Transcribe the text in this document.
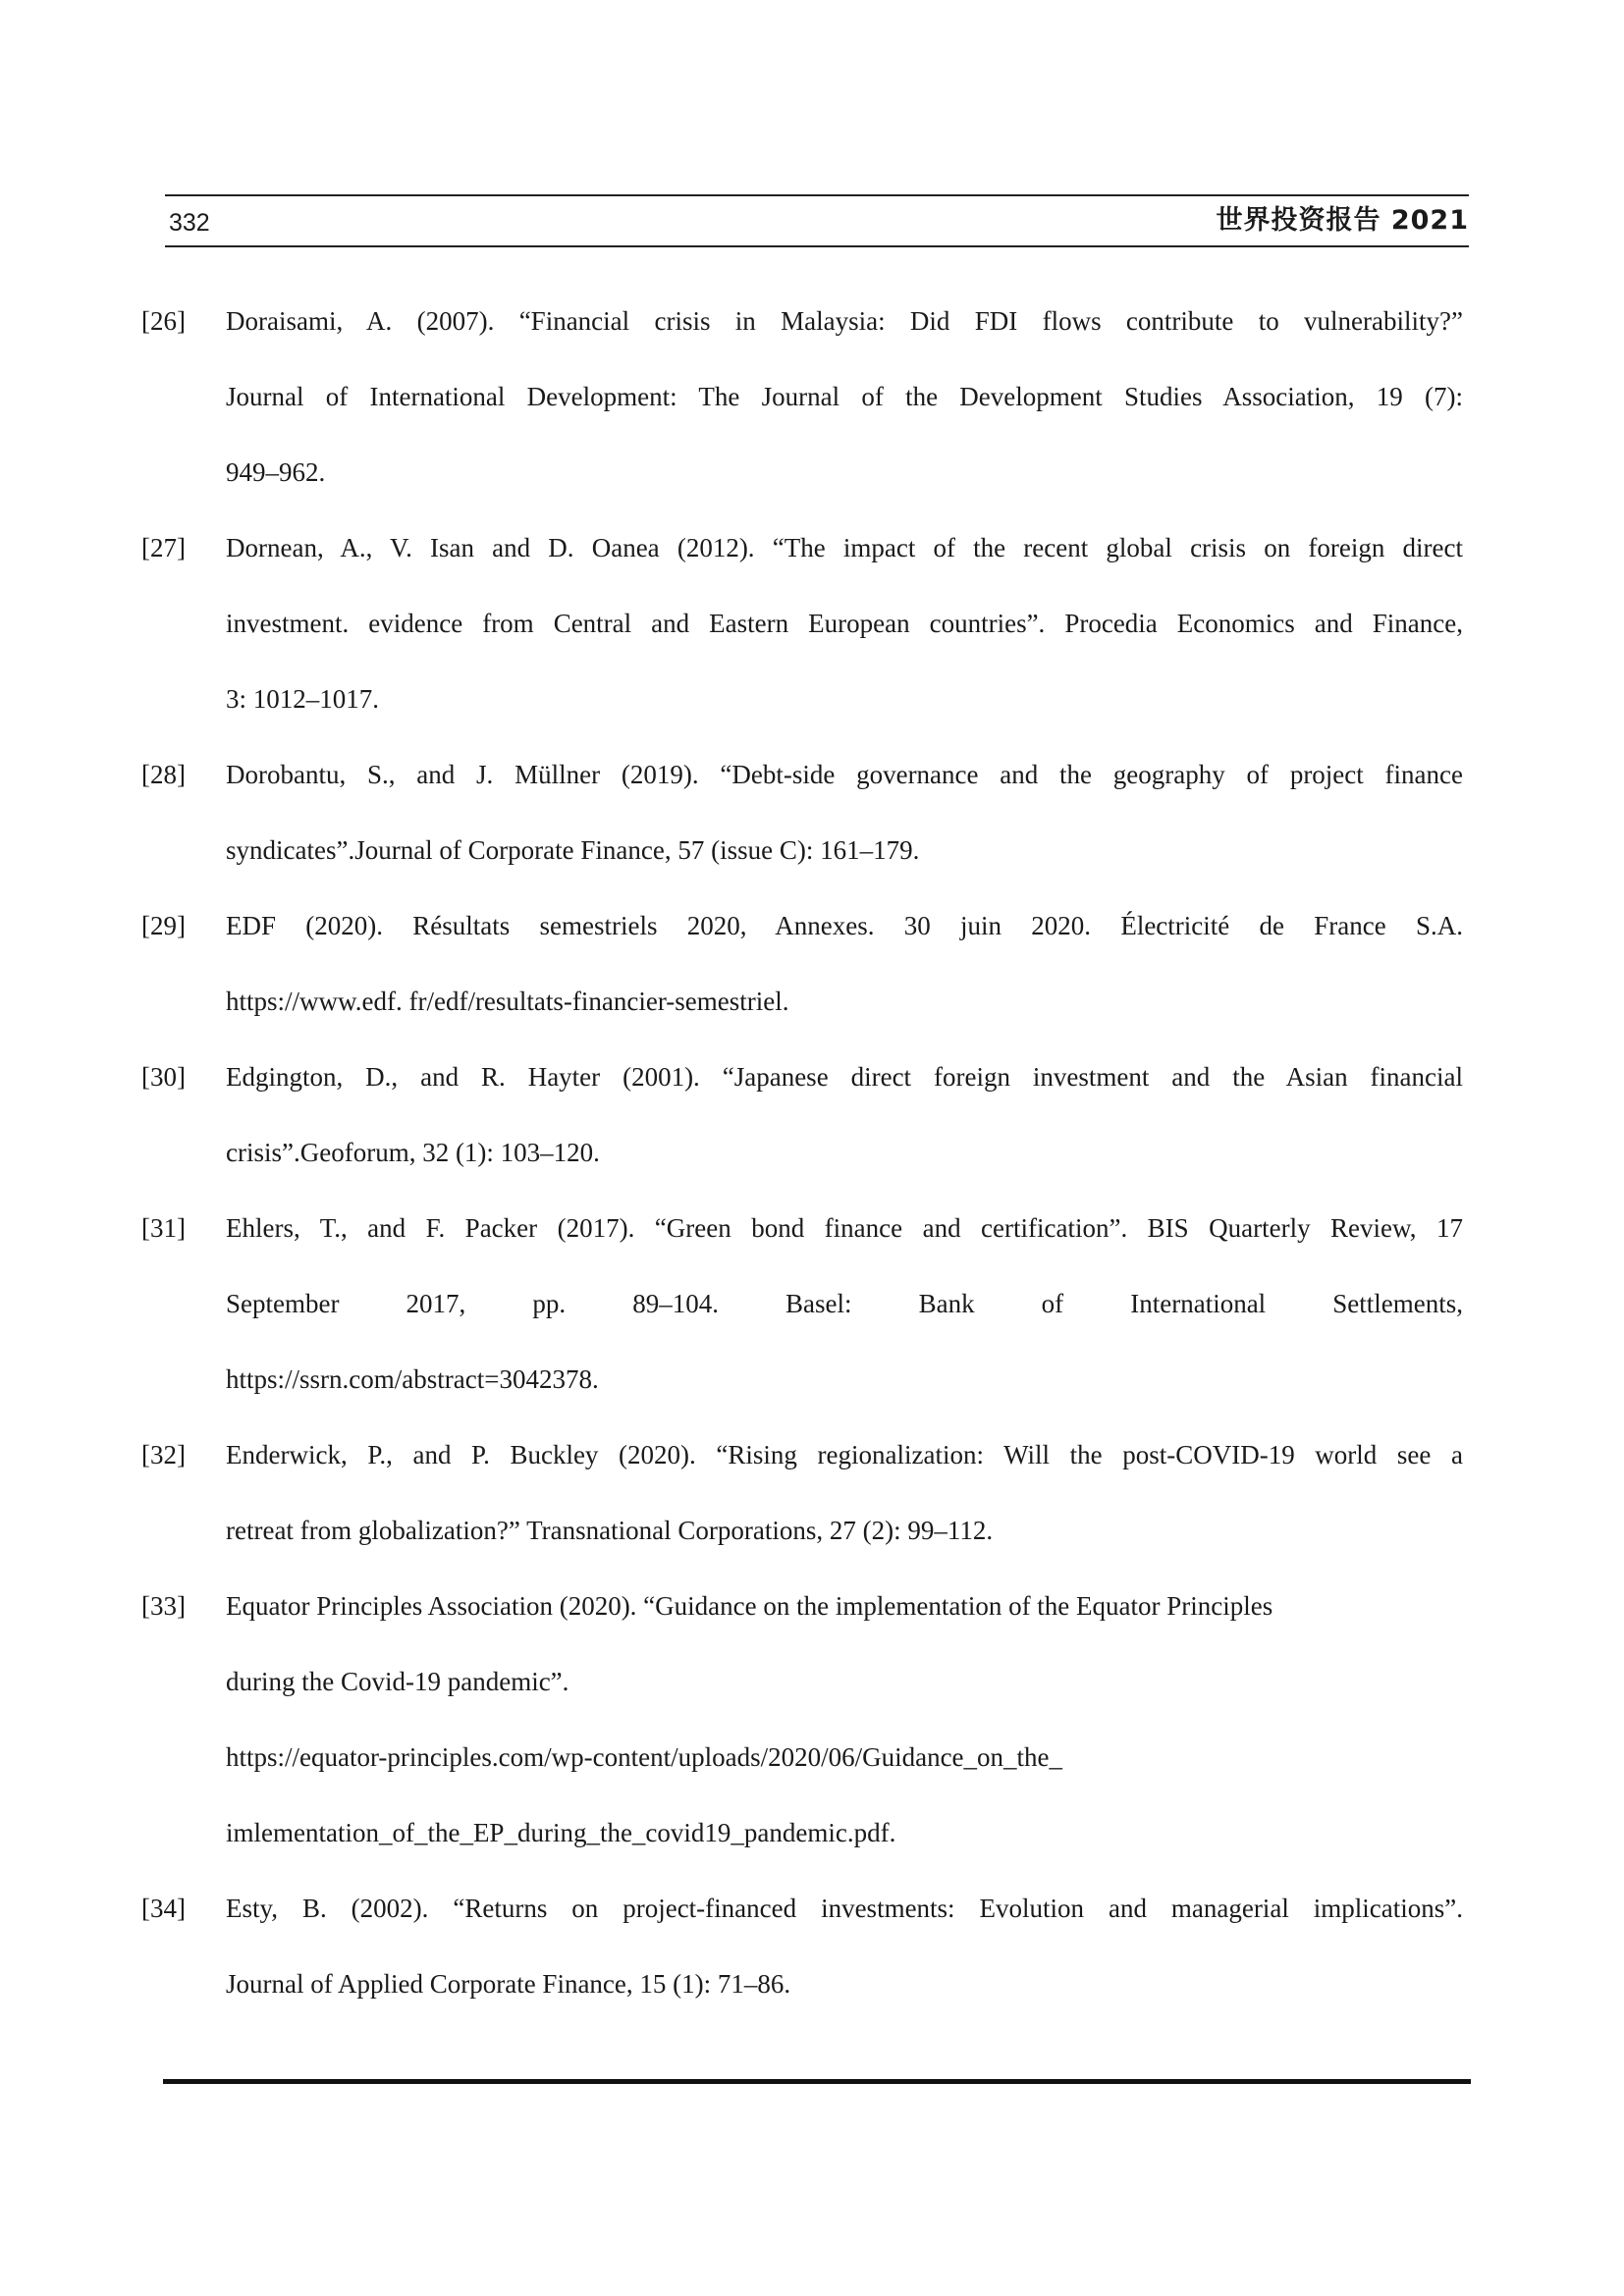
332	世界投资报告 2021
[26]	Doraisami, A. (2007). “Financial crisis in Malaysia: Did FDI flows contribute to vulnerability?”
Journal of International Development: The Journal of the Development Studies Association, 19 (7):
949–962.
[27]	Dornean, A., V. Isan and D. Oanea (2012). “The impact of the recent global crisis on foreign direct
investment. evidence from Central and Eastern European countries”. Procedia Economics and Finance,
3: 1012–1017.
[28]	Dorobantu, S., and J. Müllner (2019). “Debt-side governance and the geography of project finance
syndicates”.Journal of Corporate Finance, 57 (issue C): 161–179.
[29]	EDF (2020). Résultats semestriels 2020, Annexes. 30 juin 2020. Électricité de France S.A.
https://www.edf. fr/edf/resultats-financier-semestriel.
[30]	Edgington, D., and R. Hayter (2001). “Japanese direct foreign investment and the Asian financial
crisis”.Geoforum, 32 (1): 103–120.
[31]	Ehlers, T., and F. Packer (2017). “Green bond finance and certification”. BIS Quarterly Review, 17
September 2017, pp. 89–104. Basel: Bank of International Settlements,
https://ssrn.com/abstract=3042378.
[32]	Enderwick, P., and P. Buckley (2020). “Rising regionalization: Will the post-COVID-19 world see a
retreat from globalization?” Transnational Corporations, 27 (2): 99–112.
[33]	Equator Principles Association (2020). “Guidance on the implementation of the Equator Principles
during the Covid-19 pandemic”.
https://equator-principles.com/wp-content/uploads/2020/06/Guidance_on_the_
imlementation_of_the_EP_during_the_covid19_pandemic.pdf.
[34]	Esty, B. (2002). “Returns on project-financed investments: Evolution and managerial implications”.
Journal of Applied Corporate Finance, 15 (1): 71–86.
